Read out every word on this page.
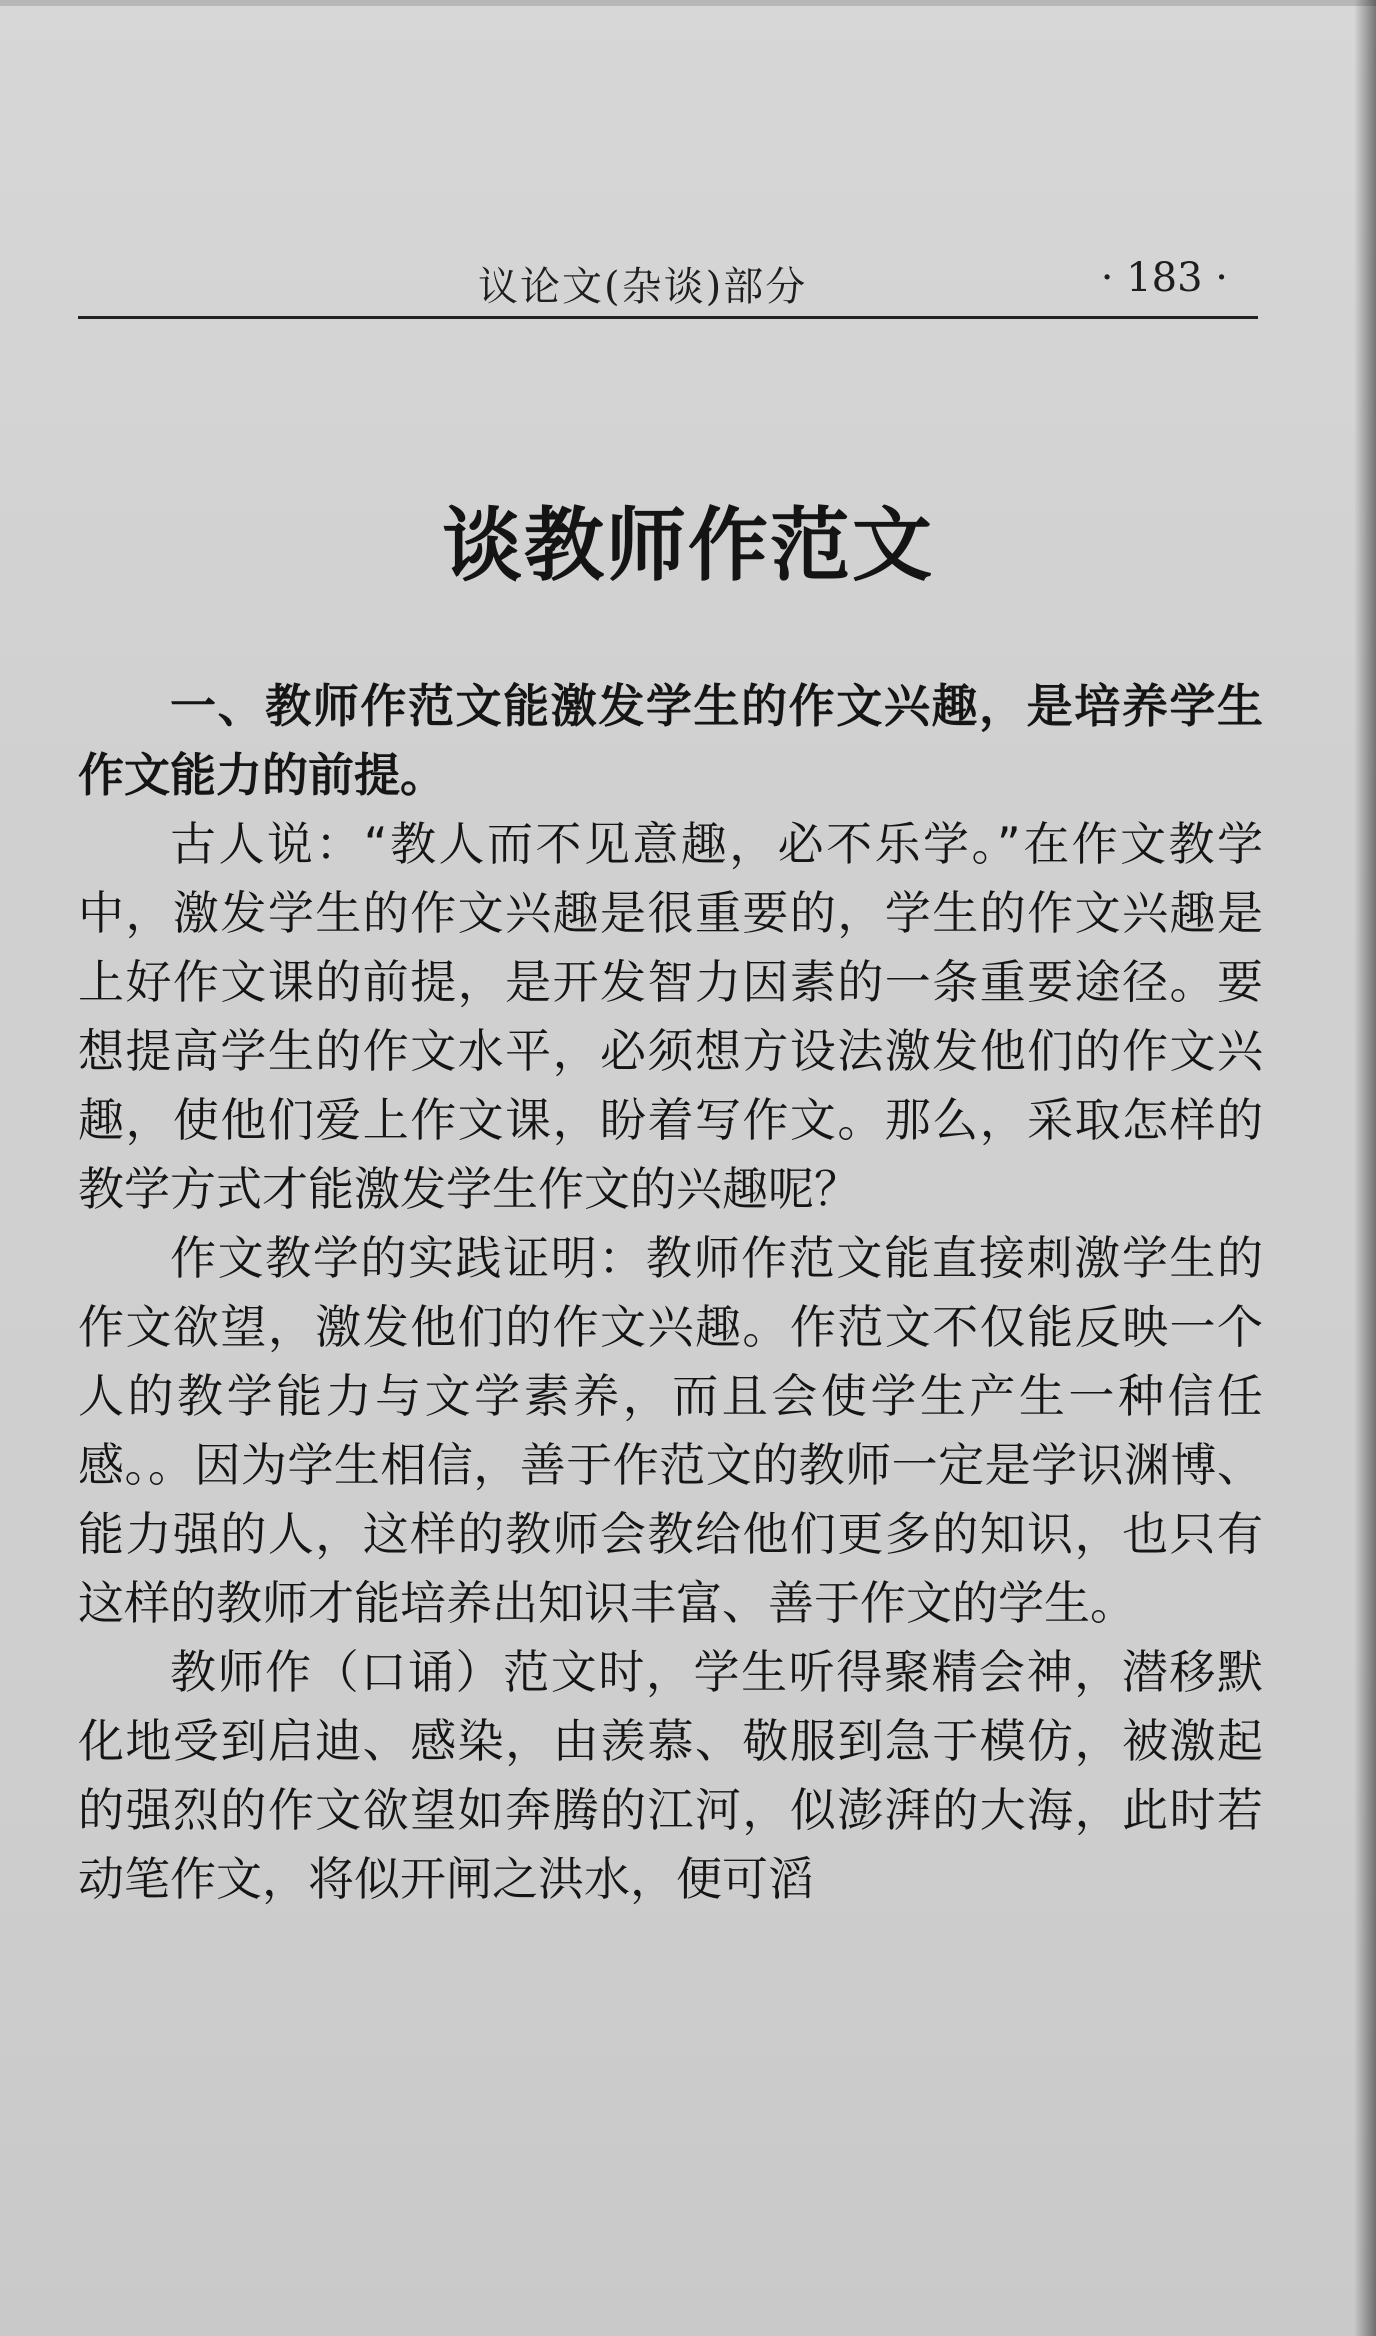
议论文(杂谈)部分	· 183 ·
谈教师作范文

一、教师作范文能激发学生的作文兴趣，是培养学生作文能力的前提。

古人说：“教人而不见意趣，必不乐学。”在作文教学中，激发学生的作文兴趣是很重要的，学生的作文兴趣是上好作文课的前提，是开发智力因素的一条重要途径。要想提高学生的作文水平，必须想方设法激发他们的作文兴趣，使他们爱上作文课，盼着写作文。那么，采取怎样的教学方式才能激发学生作文的兴趣呢？

作文教学的实践证明：教师作范文能直接刺激学生的作文欲望，激发他们的作文兴趣。作范文不仅能反映一个人的教学能力与文学素养，而且会使学生产生一种信任感。。因为学生相信，善于作范文的教师一定是学识渊博、能力强的人，这样的教师会教给他们更多的知识，也只有这样的教师才能培养出知识丰富、善于作文的学生。

教师作（口诵）范文时，学生听得聚精会神，潜移默化地受到启迪、感染，由羡慕、敬服到急于模仿，被激起的强烈的作文欲望如奔腾的江河，似澎湃的大海，此时若动笔作文，将似开闸之洪水，便可滔
